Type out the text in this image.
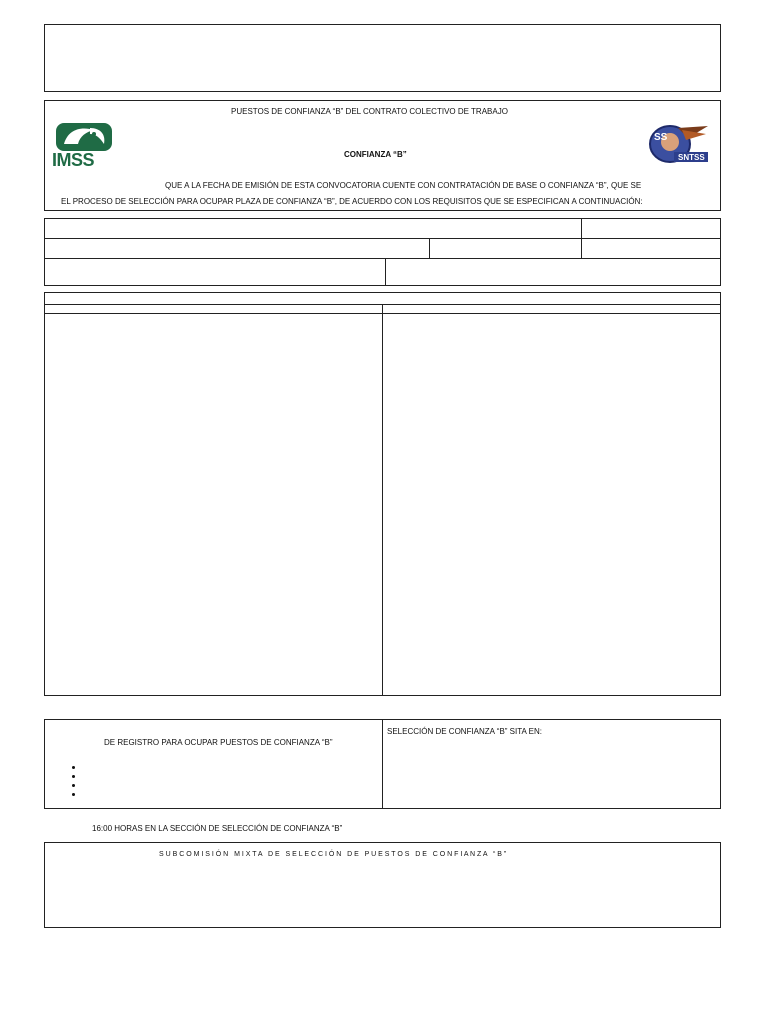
PUESTOS DE CONFIANZA “B” DEL CONTRATO COLECTIVO DE TRABAJO
IMSS	CONFIANZA “B”
SS
SNTSS
QUE A LA FECHA DE EMISIÓN DE ESTA CONVOCATORIA CUENTE CON CONTRATACIÓN DE BASE O CONFIANZA “B”, QUE SE
EL PROCESO DE SELECCIÓN PARA OCUPAR PLAZA DE CONFIANZA “B”, DE ACUERDO CON LOS REQUISITOS QUE SE ESPECIFICAN A CONTINUACIÓN:
DE REGISTRO PARA OCUPAR PUESTOS DE CONFIANZA “B”
SELECCIÓN DE CONFIANZA “B” SITA EN:
16:00 HORAS EN LA SECCIÓN DE SELECCIÓN DE CONFIANZA “B”
S U B C O M I S I Ó N   M I X T A   D E   S E L E C C I Ó N   D E   P U E S T O S   D E   C O N F I A N Z A   “ B ”
